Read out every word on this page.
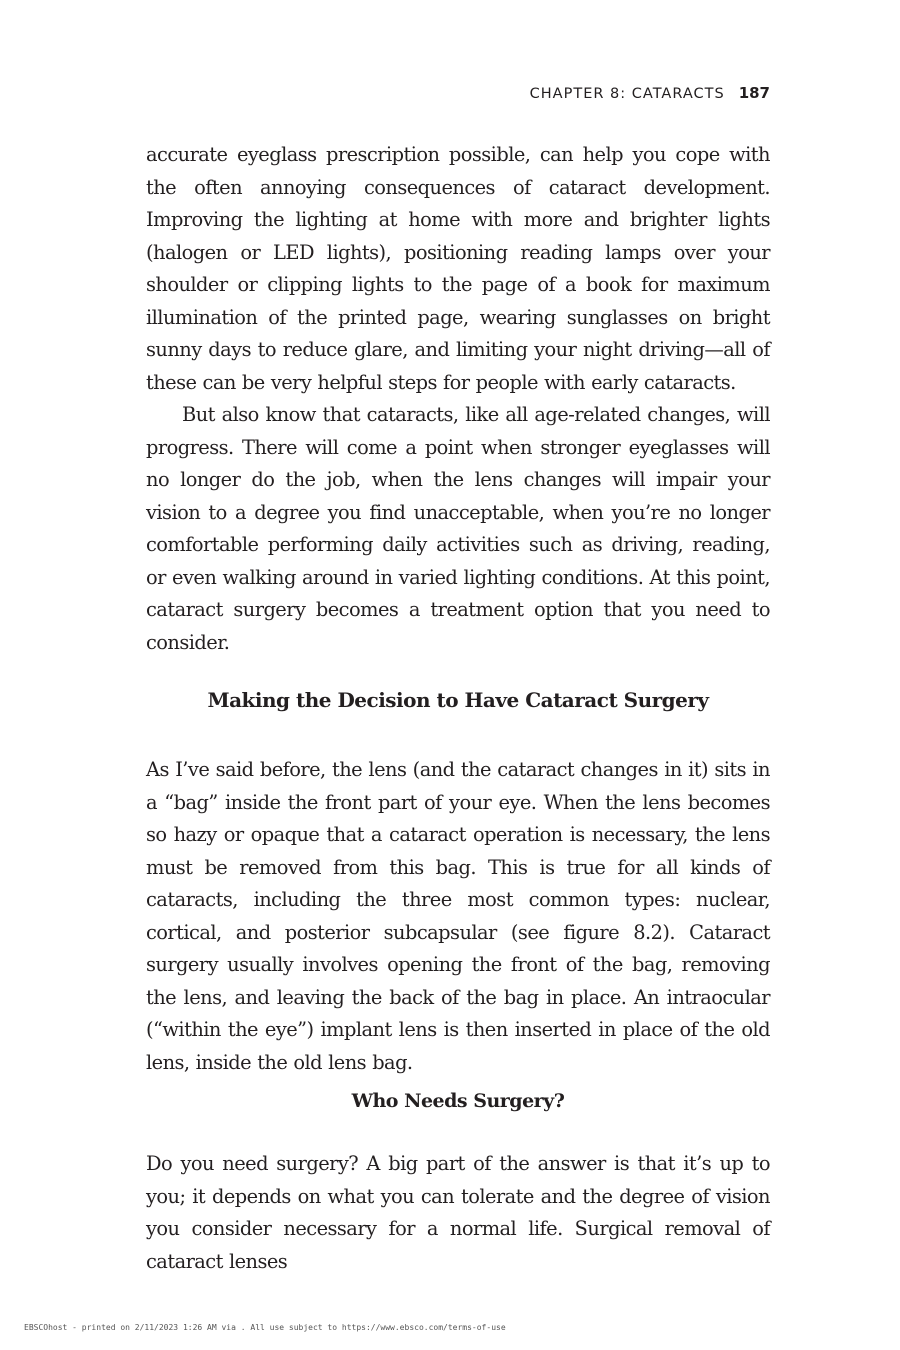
CHAPTER 8: CATARACTS 187

accurate eyeglass prescription possible, can help you cope with the often annoying consequences of cataract development. Improving the lighting at home with more and brighter lights (halogen or LED lights), positioning reading lamps over your shoulder or clipping lights to the page of a book for maximum illumination of the printed page, wearing sunglasses on bright sunny days to reduce glare, and limiting your night driving—all of these can be very helpful steps for people with early cataracts.

But also know that cataracts, like all age-related changes, will progress. There will come a point when stronger eyeglasses will no longer do the job, when the lens changes will impair your vision to a degree you find unacceptable, when you’re no longer comfortable performing daily activities such as driving, reading, or even walking around in varied lighting conditions. At this point, cataract surgery becomes a treatment option that you need to consider.

Making the Decision to Have Cataract Surgery

As I’ve said before, the lens (and the cataract changes in it) sits in a “bag” inside the front part of your eye. When the lens becomes so hazy or opaque that a cataract operation is necessary, the lens must be removed from this bag. This is true for all kinds of cataracts, including the three most common types: nuclear, cortical, and posterior subcapsular (see figure 8.2). Cataract surgery usually involves opening the front of the bag, removing the lens, and leaving the back of the bag in place. An intraocular (“within the eye”) implant lens is then inserted in place of the old lens, inside the old lens bag.

Who Needs Surgery?

Do you need surgery? A big part of the answer is that it’s up to you; it depends on what you can tolerate and the degree of vision you consider necessary for a normal life. Surgical removal of cataract lenses

EBSCOhost - printed on 2/11/2023 1:26 AM via . All use subject to https://www.ebsco.com/terms-of-use
